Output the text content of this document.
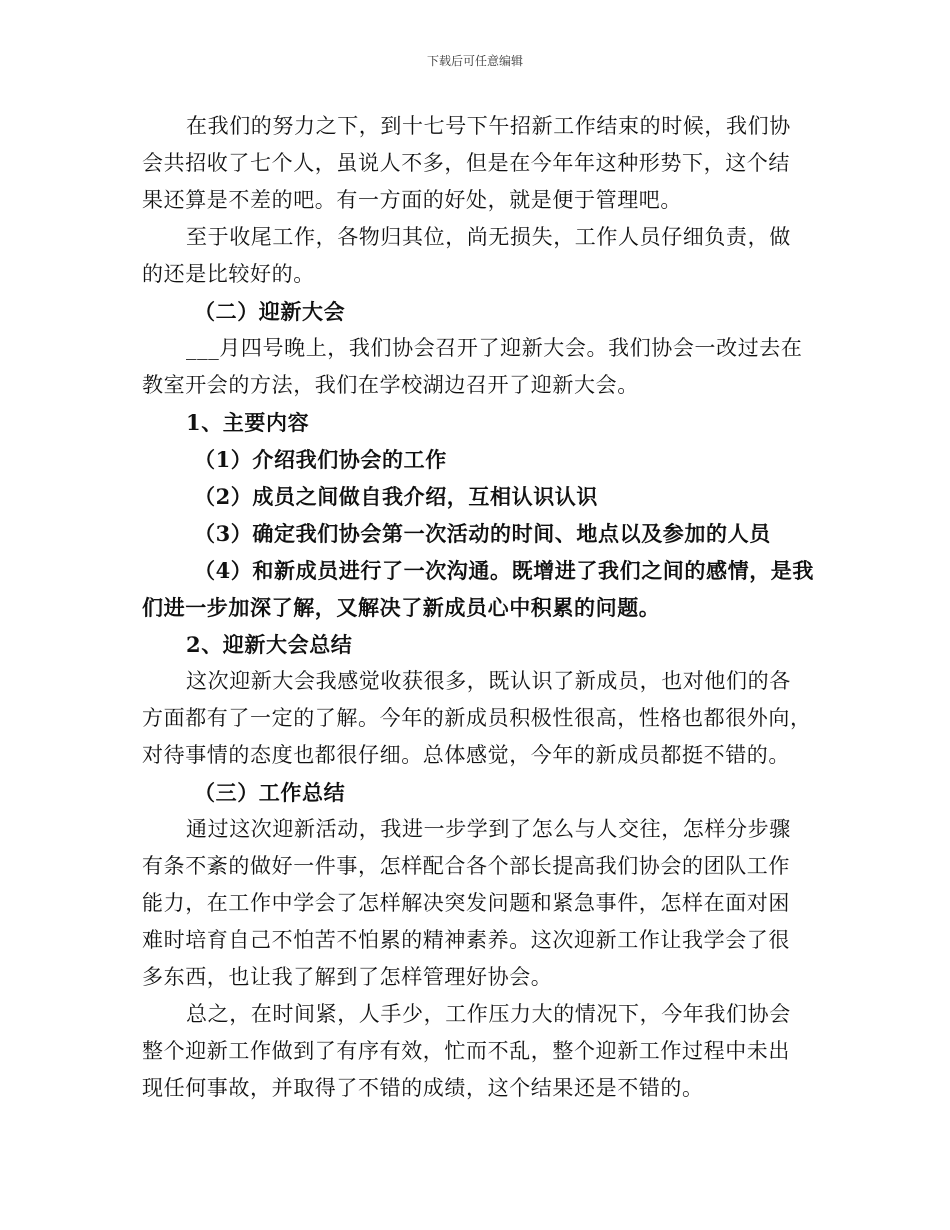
下载后可任意编辑
在我们的努力之下，到十七号下午招新工作结束的时候，我们协
会共招收了七个人，虽说人不多，但是在今年年这种形势下，这个结
果还算是不差的吧。有一方面的好处，就是便于管理吧。
至于收尾工作，各物归其位，尚无损失，工作人员仔细负责，做
的还是比较好的。
（二）迎新大会
___月四号晚上，我们协会召开了迎新大会。我们协会一改过去在
教室开会的方法，我们在学校湖边召开了迎新大会。
1、主要内容
（1）介绍我们协会的工作
（2）成员之间做自我介绍，互相认识认识
（3）确定我们协会第一次活动的时间、地点以及参加的人员
（4）和新成员进行了一次沟通。既增进了我们之间的感情，是我
们进一步加深了解，又解决了新成员心中积累的问题。
2、迎新大会总结
这次迎新大会我感觉收获很多，既认识了新成员，也对他们的各
方面都有了一定的了解。今年的新成员积极性很高，性格也都很外向，
对待事情的态度也都很仔细。总体感觉，今年的新成员都挺不错的。
（三）工作总结
通过这次迎新活动，我进一步学到了怎么与人交往，怎样分步骤
有条不紊的做好一件事，怎样配合各个部长提高我们协会的团队工作
能力，在工作中学会了怎样解决突发问题和紧急事件，怎样在面对困
难时培育自己不怕苦不怕累的精神素养。这次迎新工作让我学会了很
多东西，也让我了解到了怎样管理好协会。
总之，在时间紧，人手少，工作压力大的情况下，今年我们协会
整个迎新工作做到了有序有效，忙而不乱，整个迎新工作过程中未出
现任何事故，并取得了不错的成绩，这个结果还是不错的。
